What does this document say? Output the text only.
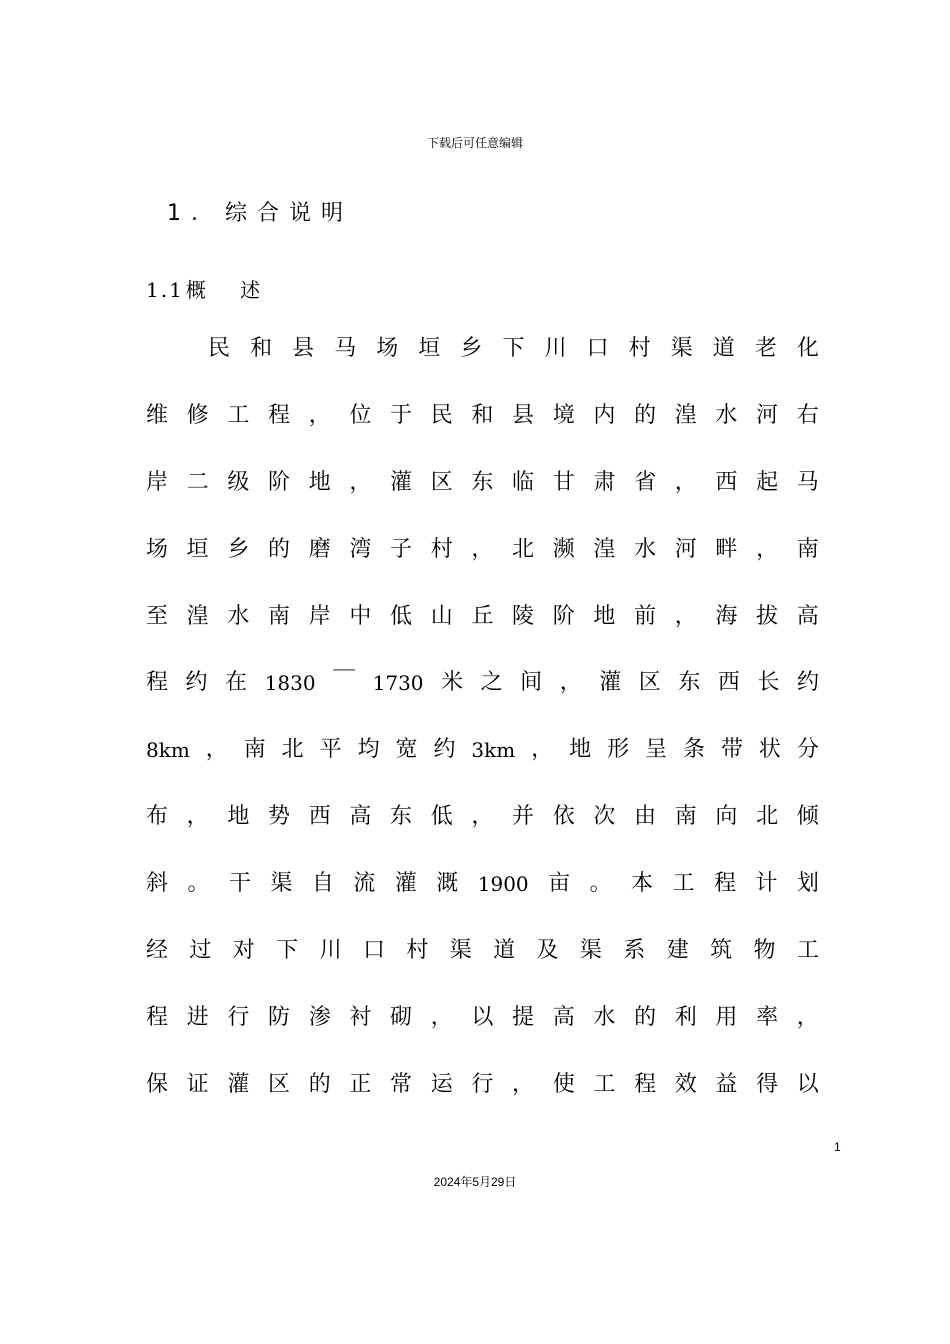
下载后可任意编辑
1. 综合说明
1.1 概 述
民 和 县 马 场 垣 乡 下 川 口 村 渠 道 老 化
维 修 工 程 ， 位 于 民 和 县 境 内 的 湟 水 河 右
岸 二 级 阶 地 ， 灌 区 东 临 甘 肃 省 ， 西 起 马
场 垣 乡 的 磨 湾 子 村 ， 北 濒 湟 水 河 畔 ， 南
至 湟 水 南 岸 中 低 山 丘 陵 阶 地 前 ， 海 拔 高
程 约 在 1830 ￣ 1730 米 之 间 ， 灌 区 东 西 长 约
8km ， 南 北 平 均 宽 约 3km ， 地 形 呈 条 带 状 分
布 ， 地 势 西 高 东 低 ， 并 依 次 由 南 向 北 倾
斜 。 干 渠 自 流 灌 溉 1900 亩 。 本 工 程 计 划
经 过 对 下 川 口 村 渠 道 及 渠 系 建 筑 物 工
程 进 行 防 渗 衬 砌 ， 以 提 高 水 的 利 用 率 ，
保 证 灌 区 的 正 常 运 行 ， 使 工 程 效 益 得 以
1
2024年5月29日
